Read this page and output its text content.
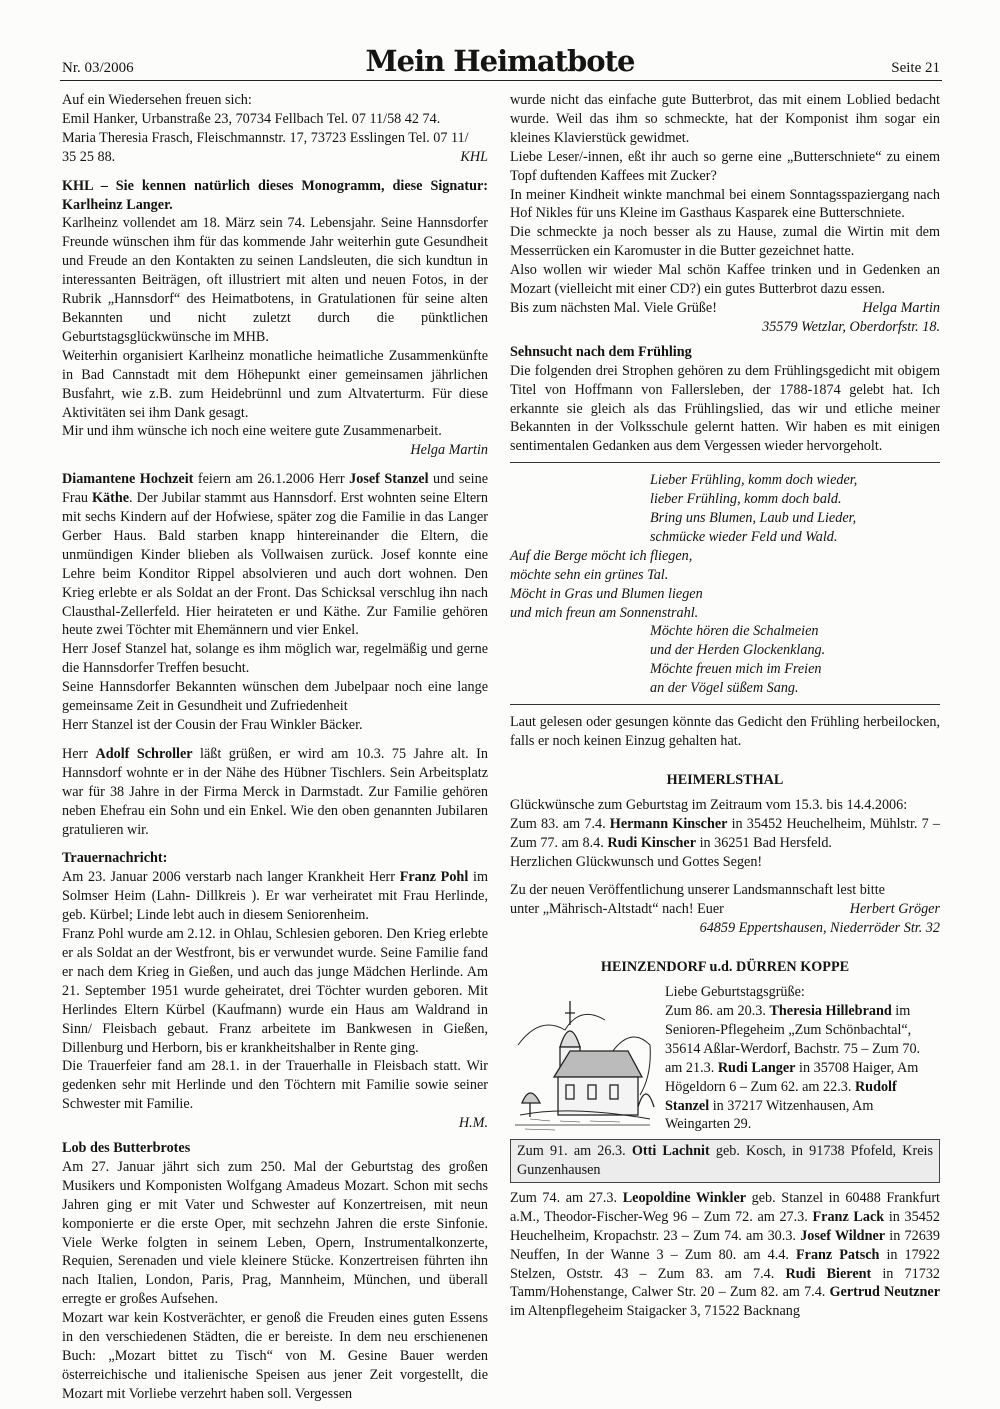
Nr. 03/2006	Mein Heimatbote	Seite 21

Auf ein Wiedersehen freuen sich:

Emil Hanker, Urbanstraße 23, 70734 Fellbach Tel. 07 11/58 42 74.

Maria Theresia Frasch, Fleischmannstr. 17, 73723 Esslingen Tel. 07 11/

35 25 88.	KHL

KHL – Sie kennen natürlich dieses Monogramm, diese Signatur: Karlheinz Langer.

Karlheinz vollendet am 18. März sein 74. Lebensjahr. Seine Hannsdorfer Freunde wünschen ihm für das kommende Jahr weiterhin gute Gesundheit und Freude an den Kontakten zu seinen Landsleuten, die sich kundtun in interessanten Beiträgen, oft illustriert mit alten und neuen Fotos, in der Rubrik „Hannsdorf“ des Heimatbotens, in Gratulationen für seine alten Bekannten und nicht zuletzt durch die pünktlichen Geburtstagsglückwünsche im MHB.

Weiterhin organisiert Karlheinz monatliche heimatliche Zusammenkünfte in Bad Cannstadt mit dem Höhepunkt einer gemeinsamen jährlichen Busfahrt, wie z.B. zum Heidebrünnl und zum Altvaterturm. Für diese Aktivitäten sei ihm Dank gesagt.

Mir und ihm wünsche ich noch eine weitere gute Zusammenarbeit.

Helga Martin

Diamantene Hochzeit feiern am 26.1.2006 Herr Josef Stanzel und seine Frau Käthe. Der Jubilar stammt aus Hannsdorf. Erst wohnten seine Eltern mit sechs Kindern auf der Hofwiese, später zog die Familie in das Langer Gerber Haus. Bald starben knapp hintereinander die Eltern, die unmündigen Kinder blieben als Vollwaisen zurück. Josef konnte eine Lehre beim Konditor Rippel absolvieren und auch dort wohnen. Den Krieg erlebte er als Soldat an der Front. Das Schicksal verschlug ihn nach Clausthal-Zellerfeld. Hier heirateten er und Käthe. Zur Familie gehören heute zwei Töchter mit Ehemännern und vier Enkel.

Herr Josef Stanzel hat, solange es ihm möglich war, regelmäßig und gerne die Hannsdorfer Treffen besucht.

Seine Hannsdorfer Bekannten wünschen dem Jubelpaar noch eine lange gemeinsame Zeit in Gesundheit und Zufriedenheit

Herr Stanzel ist der Cousin der Frau Winkler Bäcker.

Herr Adolf Schroller läßt grüßen, er wird am 10.3. 75 Jahre alt. In Hannsdorf wohnte er in der Nähe des Hübner Tischlers. Sein Arbeitsplatz war für 38 Jahre in der Firma Merck in Darmstadt. Zur Familie gehören neben Ehefrau ein Sohn und ein Enkel. Wie den oben genannten Jubilaren gratulieren wir.

Trauernachricht:

Am 23. Januar 2006 verstarb nach langer Krankheit Herr Franz Pohl im Solmser Heim (Lahn- Dillkreis ). Er war verheiratet mit Frau Herlinde, geb. Kürbel; Linde lebt auch in diesem Seniorenheim.

Franz Pohl wurde am 2.12. in Ohlau, Schlesien geboren. Den Krieg erlebte er als Soldat an der Westfront, bis er verwundet wurde. Seine Familie fand er nach dem Krieg in Gießen, und auch das junge Mädchen Herlinde. Am 21. September 1951 wurde geheiratet, drei Töchter wurden geboren. Mit Herlindes Eltern Kürbel (Kaufmann) wurde ein Haus am Waldrand in Sinn/ Fleisbach gebaut. Franz arbeitete im Bankwesen in Gießen, Dillenburg und Herborn, bis er krankheitshalber in Rente ging.

Die Trauerfeier fand am 28.1. in der Trauerhalle in Fleisbach statt. Wir gedenken sehr mit Herlinde und den Töchtern mit Familie sowie seiner Schwester mit Familie.

H.M.

Lob des Butterbrotes

Am 27. Januar jährt sich zum 250. Mal der Geburtstag des großen Musikers und Komponisten Wolfgang Amadeus Mozart. Schon mit sechs Jahren ging er mit Vater und Schwester auf Konzertreisen, mit neun komponierte er die erste Oper, mit sechzehn Jahren die erste Sinfonie. Viele Werke folgten in seinem Leben, Opern, Instrumentalkonzerte, Requien, Serenaden und viele kleinere Stücke. Konzertreisen führten ihn nach Italien, London, Paris, Prag, Mannheim, München, und überall erregte er großes Aufsehen.

Mozart war kein Kostverächter, er genoß die Freuden eines guten Essens in den verschiedenen Städten, die er bereiste. In dem neu erschienenen Buch: „Mozart bittet zu Tisch“ von M. Gesine Bauer werden österreichische und italienische Speisen aus jener Zeit vorgestellt, die Mozart mit Vorliebe verzehrt haben soll. Vergessen

wurde nicht das einfache gute Butterbrot, das mit einem Loblied bedacht wurde. Weil das ihm so schmeckte, hat der Komponist ihm sogar ein kleines Klavierstück gewidmet.

Liebe Leser/-innen, eßt ihr auch so gerne eine „Butterschniete“ zu einem Topf duftenden Kaffees mit Zucker?

In meiner Kindheit winkte manchmal bei einem Sonntagsspaziergang nach Hof Nikles für uns Kleine im Gasthaus Kasparek eine Butterschniete.

Die schmeckte ja noch besser als zu Hause, zumal die Wirtin mit dem Messerrücken ein Karomuster in die Butter gezeichnet hatte.

Also wollen wir wieder Mal schön Kaffee trinken und in Gedenken an Mozart (vielleicht mit einer CD?) ein gutes Butterbrot dazu essen.

Bis zum nächsten Mal. Viele Grüße!	Helga Martin

35579 Wetzlar, Oberdorfstr. 18.

Sehnsucht nach dem Frühling

Die folgenden drei Strophen gehören zu dem Frühlingsgedicht mit obigem Titel von Hoffmann von Fallersleben, der 1788-1874 gelebt hat. Ich erkannte sie gleich als das Frühlingslied, das wir und etliche meiner Bekannten in der Volksschule gelernt hatten. Wir haben es mit einigen sentimentalen Gedanken aus dem Vergessen wieder hervorgeholt.

Lieber Frühling, komm doch wieder,
lieber Frühling, komm doch bald.
Bring uns Blumen, Laub und Lieder,
schmücke wieder Feld und Wald.
Auf die Berge möcht ich fliegen,
möchte sehn ein grünes Tal.
Möcht in Gras und Blumen liegen
und mich freun am Sonnenstrahl.
Möchte hören die Schalmeien
und der Herden Glockenklang.
Möchte freuen mich im Freien
an der Vögel süßem Sang.

Laut gelesen oder gesungen könnte das Gedicht den Frühling herbeilocken, falls er noch keinen Einzug gehalten hat.

HEIMERLSTHAL

Glückwünsche zum Geburtstag im Zeitraum vom 15.3. bis 14.4.2006:

Zum 83. am 7.4. Hermann Kinscher in 35452 Heuchelheim, Mühlstr. 7 – Zum 77. am 8.4. Rudi Kinscher in 36251 Bad Hersfeld.

Herzlichen Glückwunsch und Gottes Segen!

Zu der neuen Veröffentlichung unserer Landsmannschaft lest bitte

unter „Mährisch-Altstadt“ nach! Euer	Herbert Gröger

64859 Eppertshausen, Niederröder Str. 32

HEINZENDORF u.d. DÜRREN KOPPE

Liebe Geburtstagsgrüße:

Zum 86. am 20.3. Theresia Hillebrand im Senioren-Pflegeheim „Zum Schönbachtal“, 35614 Aßlar-Werdorf, Bachstr. 75 – Zum 70. am 21.3. Rudi Langer in 35708 Haiger, Am Högeldorn 6 – Zum 62. am 22.3. Rudolf Stanzel in 37217 Witzenhausen, Am Weingarten 29.

Zum 91. am 26.3. Otti Lachnit geb. Kosch, in 91738 Pfofeld, Kreis Gunzenhausen

Zum 74. am 27.3. Leopoldine Winkler geb. Stanzel in 60488 Frankfurt a.M., Theodor-Fischer-Weg 96 – Zum 72. am 27.3. Franz Lack in 35452 Heuchelheim, Kropachstr. 23 – Zum 74. am 30.3. Josef Wildner in 72639 Neuffen, In der Wanne 3 – Zum 80. am 4.4. Franz Patsch in 17922 Stelzen, Oststr. 43 – Zum 83. am 7.4. Rudi Bierent in 71732 Tamm/Hohenstange, Calwer Str. 20 – Zum 82. am 7.4. Gertrud Neutzner im Altenpflegeheim Staigacker 3, 71522 Backnang
